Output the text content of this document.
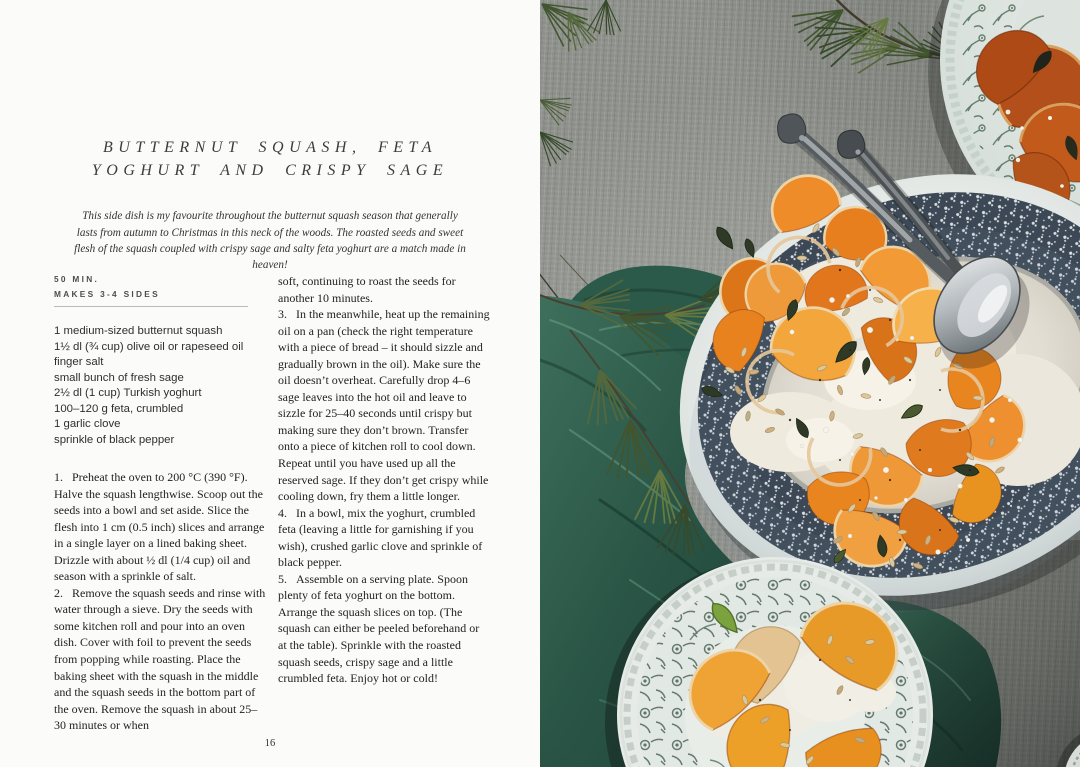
BUTTERNUT SQUASH, FETA
YOGHURT AND CRISPY SAGE

This side dish is my favourite throughout the butternut squash season that generally lasts from autumn to Christmas in this neck of the woods. The roasted seeds and sweet flesh of the squash coupled with crispy sage and salty feta yoghurt are a match made in heaven!

50 MIN.
MAKES 3-4 SIDES
1 medium-sized butternut squash
1½ dl (¾ cup) olive oil or rapeseed oil
finger salt
small bunch of fresh sage
2½ dl (1 cup) Turkish yoghurt
100–120 g feta, crumbled
1 garlic clove
sprinkle of black pepper

1.   Preheat the oven to 200 °C (390 °F). Halve the squash lengthwise. Scoop out the seeds into a bowl and set aside. Slice the flesh into 1 cm (0.5 inch) slices and arrange in a single layer on a lined baking sheet. Drizzle with about ½ dl (1/4 cup) oil and season with a sprinkle of salt.

2.   Remove the squash seeds and rinse with water through a sieve. Dry the seeds with some kitchen roll and pour into an oven dish. Cover with foil to prevent the seeds from popping while roasting. Place the baking sheet with the squash in the middle and the squash seeds in the bottom part of the oven. Remove the squash in about 25–30 minutes or when

soft, continuing to roast the seeds for another 10 minutes.

3.   In the meanwhile, heat up the remaining oil on a pan (check the right temperature with a piece of bread – it should sizzle and gradually brown in the oil). Make sure the oil doesn’t overheat. Carefully drop 4–6 sage leaves into the hot oil and leave to sizzle for 25–40 seconds until crispy but making sure they don’t brown. Transfer onto a piece of kitchen roll to cool down. Repeat until you have used up all the reserved sage. If they don’t get crispy while cooling down, fry them a little longer.

4.   In a bowl, mix the yoghurt, crumbled feta (leaving a little for garnishing if you wish), crushed garlic clove and sprinkle of black pepper.

5.   Assemble on a serving plate. Spoon plenty of feta yoghurt on the bottom. Arrange the squash slices on top. (The squash can either be peeled beforehand or at the table). Sprinkle with the roasted squash seeds, crispy sage and a little crumbled feta. Enjoy hot or cold!

16
